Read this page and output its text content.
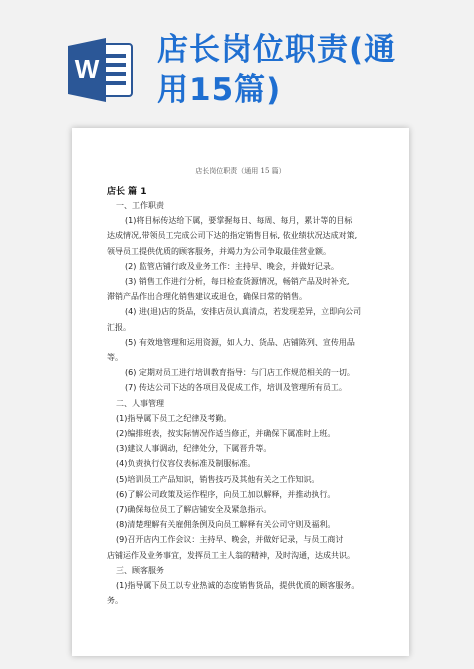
W
店长岗位职责(通
用15篇)
店长岗位职责（通用 15 篇）
店长 篇 1
一、工作职责
(1)将目标传达给下属，要掌握每日、每周、每月，累计等的目标
达成情况,带领员工完成公司下达的指定销售目标, 依业绩状况达成对策,
领导员工提供优质的顾客服务，并竭力为公司争取最佳营业额。
(2) 监管店铺行政及业务工作：主持早、晚会，并做好记录。
(3) 销售工作进行分析，每日检查货源情况，畅销产品及时补充,
滞销产品作出合理化销售建议或退仓，确保日常的销售。
(4) 进(退)店的货品，安排店员认真清点，若发现差异，立即向公司
汇报。
(5) 有效地管理和运用资源，如人力、货品、店铺陈列、宣传用品
等。
(6) 定期对员工进行培训教育指导：与门店工作规范相关的一切。
(7) 传达公司下达的各项目及促成工作，培训及管理所有员工。
二、人事管理
(1)指导属下员工之纪律及考勤。
(2)编排班表，按实际情况作适当修正，并确保下属准时上班。
(3)建议人事调动，纪律处分，下属晋升等。
(4)负责执行仪容仪表标准及制服标准。
(5)培训员工产品知识，销售技巧及其他有关之工作知识。
(6)了解公司政策及运作程序，向员工加以解释，并推动执行。
(7)确保每位员工了解店铺安全及紧急指示。
(8)清楚理解有关雇佣条例及向员工解释有关公司守则及福利。
(9)召开店内工作会议：主持早、晚会，并做好记录，与员工商讨
店铺运作及业务事宜，发挥员工主人翁的精神，及时沟通，达成共识。
三、顾客服务
(1)指导属下员工以专业热诚的态度销售货品，提供优质的顾客服务。
务。
